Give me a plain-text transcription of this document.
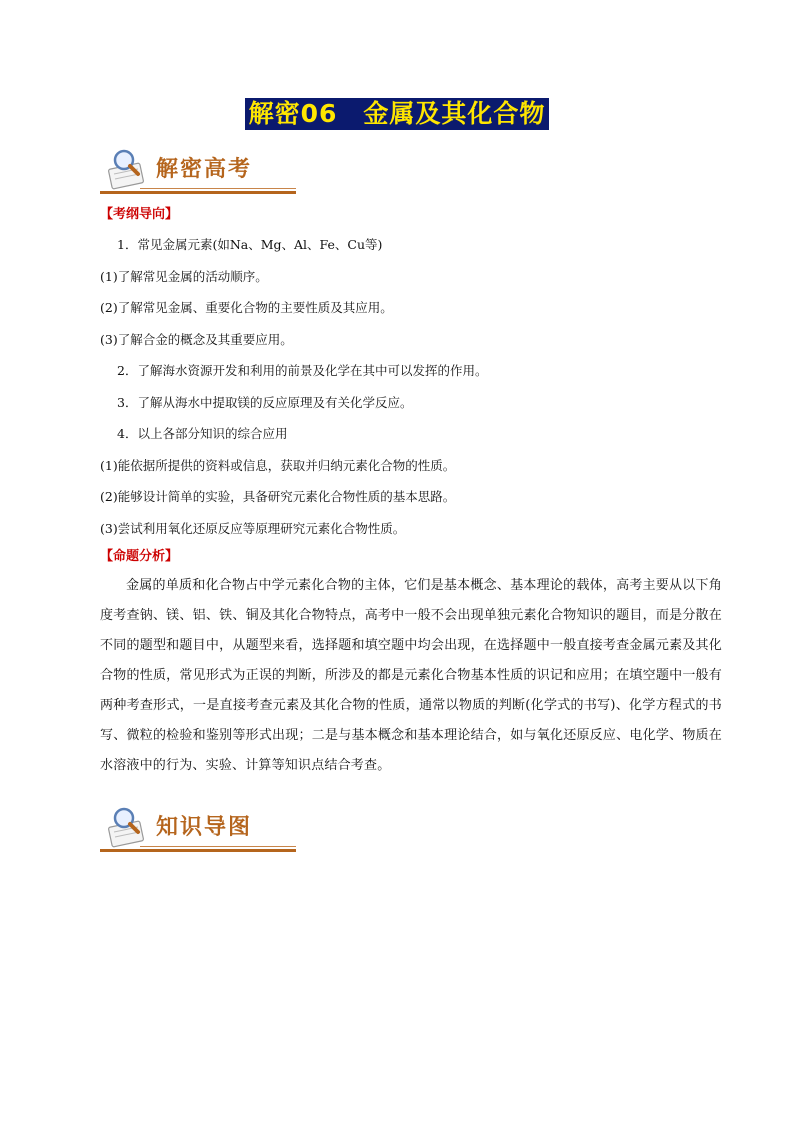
解密06　金属及其化合物
解密高考
【考纲导向】
1．常见金属元素(如Na、Mg、Al、Fe、Cu等)
(1)了解常见金属的活动顺序。
(2)了解常见金属、重要化合物的主要性质及其应用。
(3)了解合金的概念及其重要应用。
2．了解海水资源开发和利用的前景及化学在其中可以发挥的作用。
3．了解从海水中提取镁的反应原理及有关化学反应。
4．以上各部分知识的综合应用
(1)能依据所提供的资料或信息，获取并归纳元素化合物的性质。
(2)能够设计简单的实验，具备研究元素化合物性质的基本思路。
(3)尝试利用氧化还原反应等原理研究元素化合物性质。
【命题分析】
金属的单质和化合物占中学元素化合物的主体，它们是基本概念、基本理论的载体，高考主要从以下角度考查钠、镁、铝、铁、铜及其化合物特点，高考中一般不会出现单独元素化合物知识的题目，而是分散在不同的题型和题目中，从题型来看，选择题和填空题中均会出现，在选择题中一般直接考查金属元素及其化合物的性质，常见形式为正误的判断，所涉及的都是元素化合物基本性质的识记和应用；在填空题中一般有两种考查形式，一是直接考查元素及其化合物的性质，通常以物质的判断(化学式的书写)、化学方程式的书写、微粒的检验和鉴别等形式出现；二是与基本概念和基本理论结合，如与氧化还原反应、电化学、物质在水溶液中的行为、实验、计算等知识点结合考查。
知识导图
